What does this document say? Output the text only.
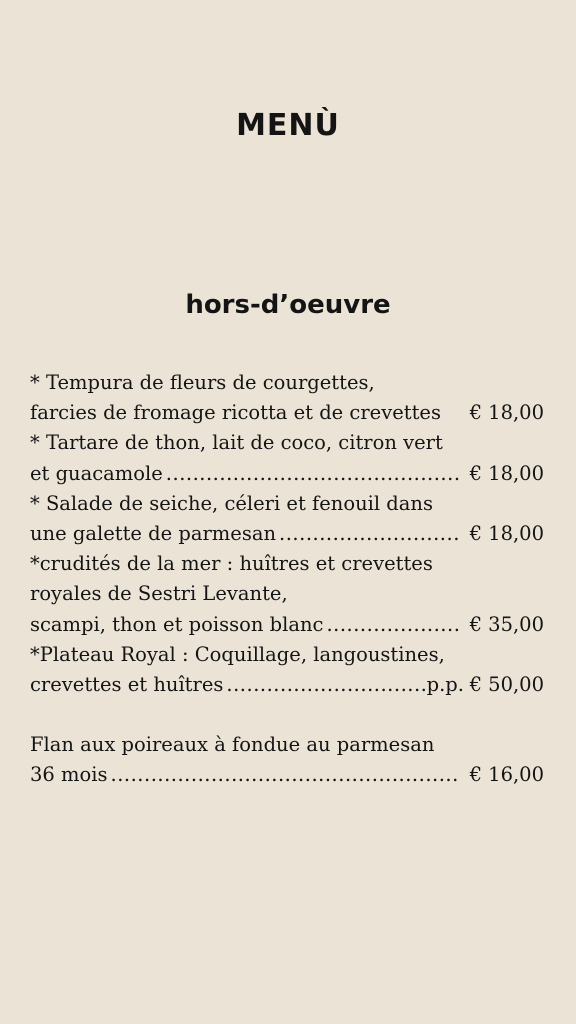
MENÙ
hors-d’oeuvre
* Tempura de fleurs de courgettes,
farcies de fromage ricotta et de crevettes € 18,00
* Tartare de thon, lait de coco, citron vert
et guacamole .....	€ 18,00
* Salade de seiche, céleri et fenouil dans
une galette de parmesan .....	€ 18,00
*crudités de la mer : huîtres et crevettes
royales de Sestri Levante,
scampi, thon et poisson blanc .....	€ 35,00
*Plateau Royal : Coquillage, langoustines,
crevettes et huîtres .....	p.p. € 50,00
Flan aux poireaux à fondue au parmesan
36 mois .....	€ 16,00
